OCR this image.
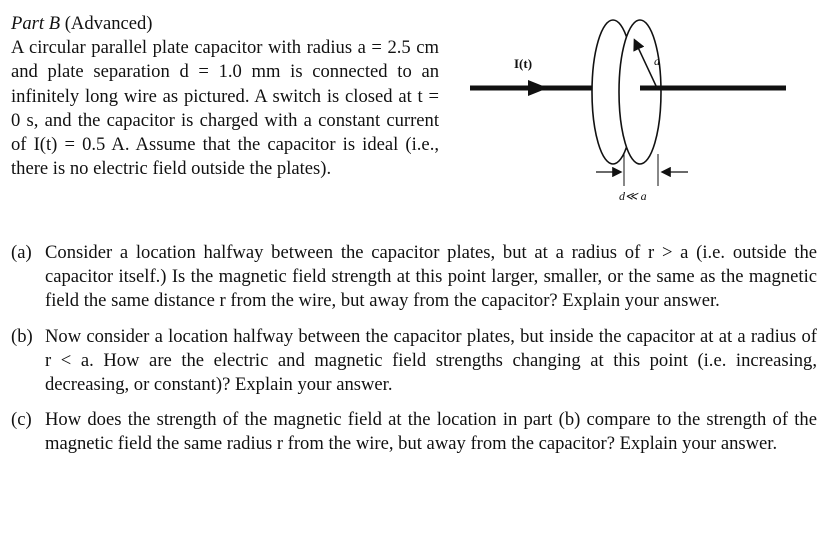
Part B (Advanced)

A circular parallel plate capacitor with radius a = 2.5 cm and plate separation d = 1.0 mm is connected to an infinitely long wire as pictured. A switch is closed at t = 0 s, and the capacitor is charged with a constant current of I(t) = 0.5 A. Assume that the capacitor is ideal (i.e., there is no electric field outside the plates).

I(t)	a
d≪ a
(a) Consider a location halfway between the capacitor plates, but at a radius of r > a (i.e. outside the capacitor itself.) Is the magnetic field strength at this point larger, smaller, or the same as the magnetic field the same distance r from the wire, but away from the capacitor? Explain your answer.
(b) Now consider a location halfway between the capacitor plates, but inside the capacitor at at a radius of r < a. How are the electric and magnetic field strengths changing at this point (i.e. increasing, decreasing, or constant)? Explain your answer.
(c) How does the strength of the magnetic field at the location in part (b) compare to the strength of the magnetic field the same radius r from the wire, but away from the capacitor? Explain your answer.
